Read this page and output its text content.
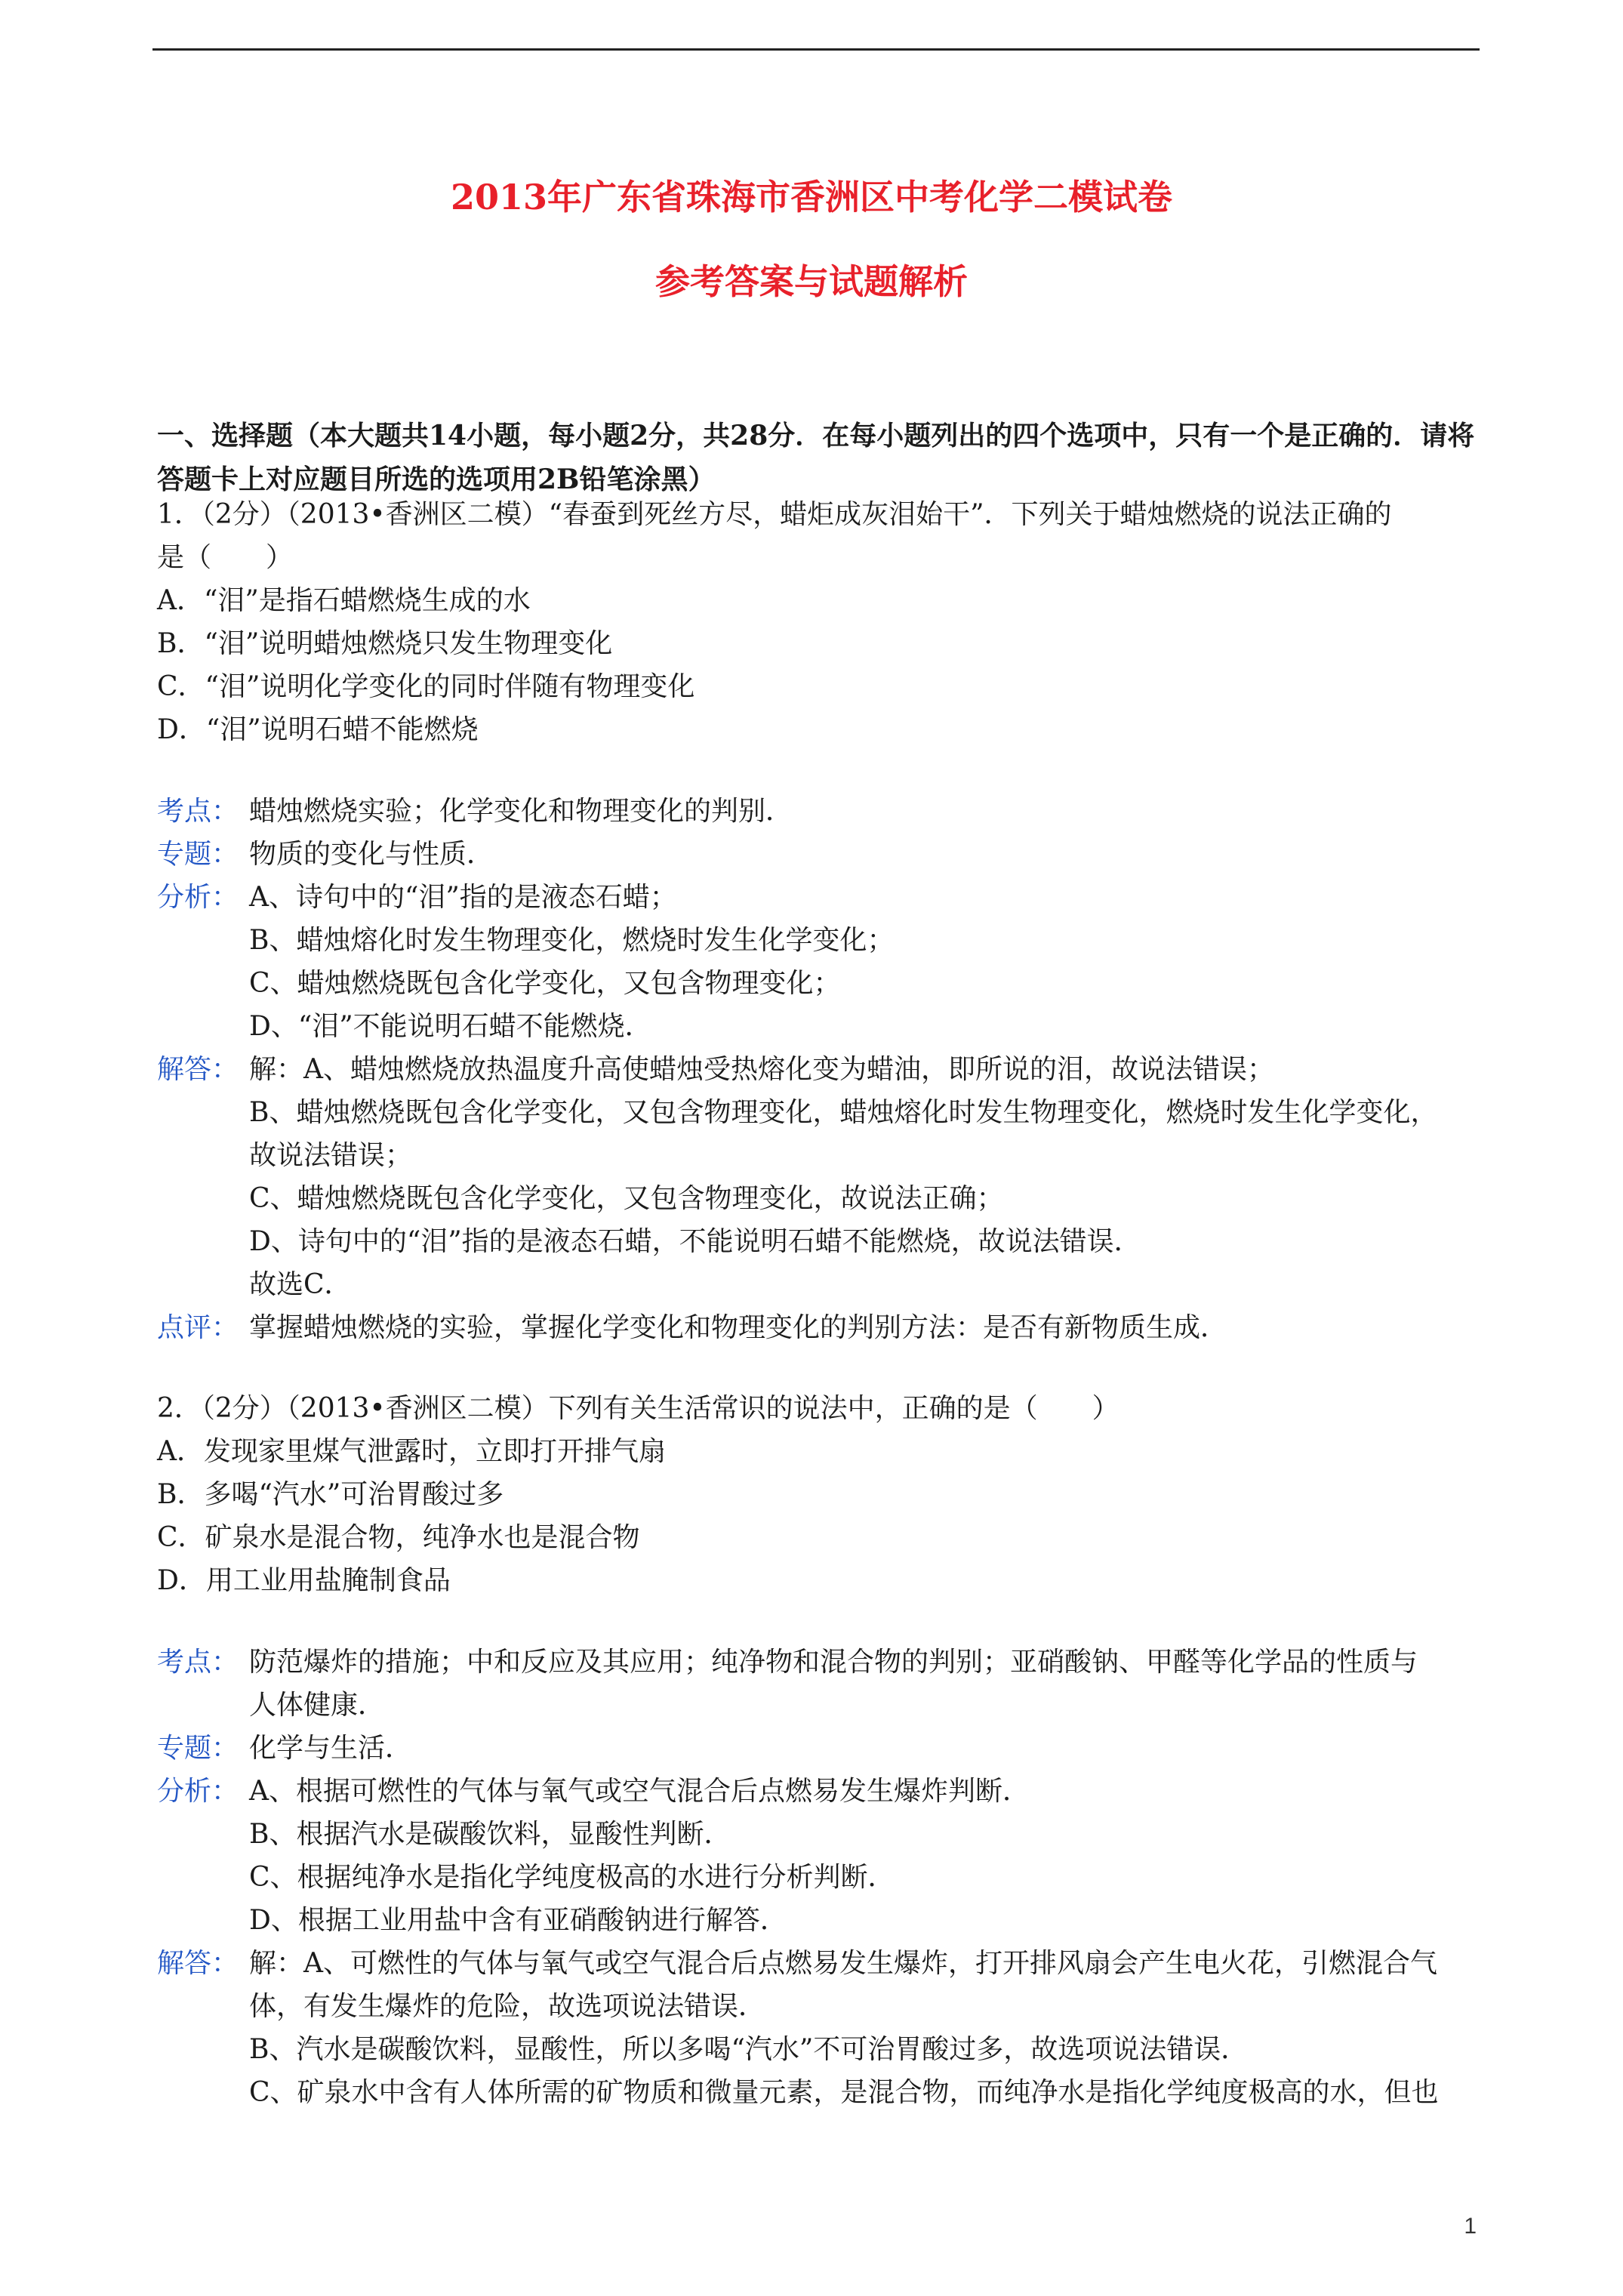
2013年广东省珠海市香洲区中考化学二模试卷
参考答案与试题解析
一、选择题（本大题共14小题，每小题2分，共28分．在每小题列出的四个选项中，只有一个是正确的．请将答题卡上对应题目所选的选项用2B铅笔涂黑）
1．（2分）（2013•香洲区二模）“春蚕到死丝方尽，蜡炬成灰泪始干”．下列关于蜡烛燃烧的说法正确的
是（　　）
A．“泪”是指石蜡燃烧生成的水
B．“泪”说明蜡烛燃烧只发生物理变化
C．“泪”说明化学变化的同时伴随有物理变化
D．“泪”说明石蜡不能燃烧
考点： 蜡烛燃烧实验；化学变化和物理变化的判别．
专题： 物质的变化与性质．
分析： A、诗句中的“泪”指的是液态石蜡；
B、蜡烛熔化时发生物理变化，燃烧时发生化学变化；
C、蜡烛燃烧既包含化学变化，又包含物理变化；
D、“泪”不能说明石蜡不能燃烧．
解答： 解：A、蜡烛燃烧放热温度升高使蜡烛受热熔化变为蜡油，即所说的泪，故说法错误；
B、蜡烛燃烧既包含化学变化，又包含物理变化，蜡烛熔化时发生物理变化，燃烧时发生化学变化，
故说法错误；
C、蜡烛燃烧既包含化学变化，又包含物理变化，故说法正确；
D、诗句中的“泪”指的是液态石蜡，不能说明石蜡不能燃烧，故说法错误．
故选C．
点评： 掌握蜡烛燃烧的实验，掌握化学变化和物理变化的判别方法：是否有新物质生成．
2．（2分）（2013•香洲区二模）下列有关生活常识的说法中，正确的是（　　）
A．发现家里煤气泄露时，立即打开排气扇
B．多喝“汽水”可治胃酸过多
C．矿泉水是混合物，纯净水也是混合物
D．用工业用盐腌制食品
考点： 防范爆炸的措施；中和反应及其应用；纯净物和混合物的判别；亚硝酸钠、甲醛等化学品的性质与
人体健康．
专题： 化学与生活．
分析： A、根据可燃性的气体与氧气或空气混合后点燃易发生爆炸判断．
B、根据汽水是碳酸饮料，显酸性判断．
C、根据纯净水是指化学纯度极高的水进行分析判断．
D、根据工业用盐中含有亚硝酸钠进行解答．
解答： 解：A、可燃性的气体与氧气或空气混合后点燃易发生爆炸，打开排风扇会产生电火花，引燃混合气
体，有发生爆炸的危险，故选项说法错误．
B、汽水是碳酸饮料，显酸性，所以多喝“汽水”不可治胃酸过多，故选项说法错误．
C、矿泉水中含有人体所需的矿物质和微量元素，是混合物，而纯净水是指化学纯度极高的水，但也
1
